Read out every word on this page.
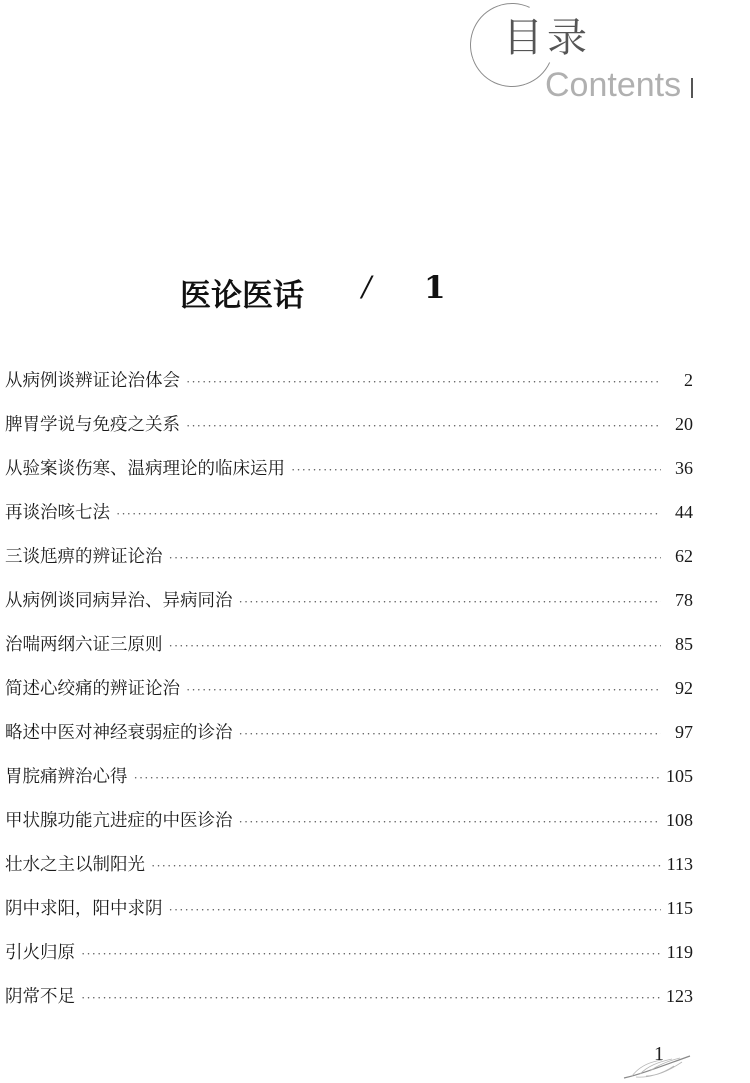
目录
Contents
医论医话 / 1
从病例谈辨证论治体会 ·····	2
脾胃学说与免疫之关系 ·····	20
从验案谈伤寒、温病理论的临床运用 ·····	36
再谈治咳七法 ·····	44
三谈尪痹的辨证论治 ·····	62
从病例谈同病异治、异病同治 ·····	78
治喘两纲六证三原则 ·····	85
简述心绞痛的辨证论治 ·····	92
略述中医对神经衰弱症的诊治 ·····	97
胃脘痛辨治心得 ·····	105
甲状腺功能亢进症的中医诊治 ·····	108
壮水之主以制阳光 ·····	113
阴中求阳，阳中求阴 ·····	115
引火归原 ·····	119
阴常不足 ·····	123
1
